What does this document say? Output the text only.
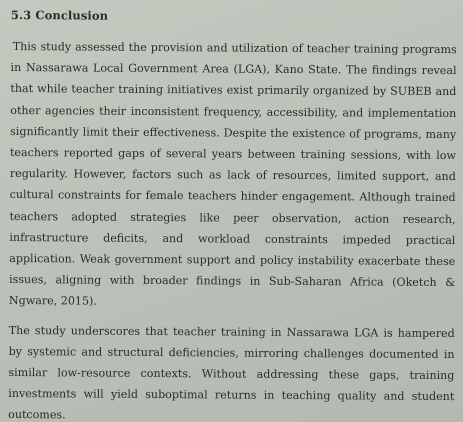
5.3 Conclusion

This study assessed the provision and utilization of teacher training programs in Nassarawa Local Government Area (LGA), Kano State. The findings reveal that while teacher training initiatives exist primarily organized by SUBEB and other agencies their inconsistent frequency, accessibility, and implementation significantly limit their effectiveness. Despite the existence of programs, many teachers reported gaps of several years between training sessions, with low regularity. However, factors such as lack of resources, limited support, and cultural constraints for female teachers hinder engagement. Although trained teachers adopted strategies like peer observation, action research, infrastructure deficits, and workload constraints impeded practical application. Weak government support and policy instability exacerbate these issues, aligning with broader findings in Sub-Saharan Africa (Oketch & Ngware, 2015).

The study underscores that teacher training in Nassarawa LGA is hampered by systemic and structural deficiencies, mirroring challenges documented in similar low-resource contexts. Without addressing these gaps, training investments will yield suboptimal returns in teaching quality and student outcomes.
